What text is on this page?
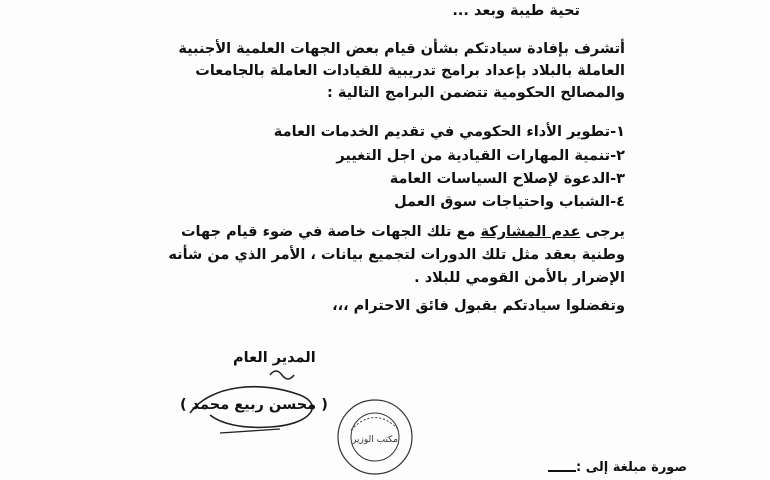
تحية طيبة وبعد ...
أتشرف بإفادة سيادتكم بشأن قيام بعض الجهات العلمية الأجنبية
العاملة بالبلاد بإعداد برامج تدريبية للقيادات العاملة بالجامعات
والمصالح الحكومية تتضمن البرامج التالية :
١-تطوير الأداء الحكومي في تقديم الخدمات العامة
٢-تنمية المهارات القيادية من اجل التغيير
٣-الدعوة لإصلاح السياسات العامة
٤-الشباب واحتياجات سوق العمل
يرجى عدم المشاركة مع تلك الجهات خاصة في ضوء قيام جهات
وطنية بعقد مثل تلك الدورات لتجميع بيانات ، الأمر الذي من شأنه
الإضرار بالأمن القومي للبلاد .
وتفضلوا سيادتكم بقبول فائق الاحترام ،،،
المدير العام
( محسن ربيع محمد )
مكتب الوزير
صورة مبلغة إلى :
